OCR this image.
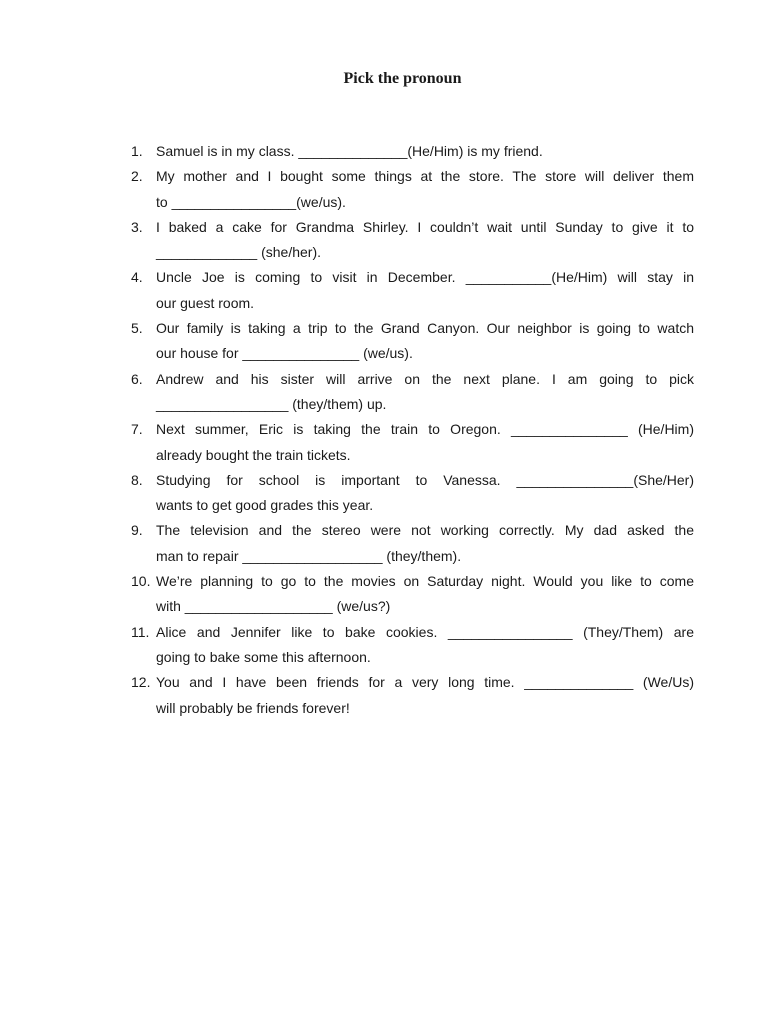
Pick the pronoun
1. Samuel is in my class. ______________(He/Him) is my friend.
2. My mother and I bought some things at the store. The store will deliver them
to ________________(we/us).
3. I baked a cake for Grandma Shirley. I couldn’t wait until Sunday to give it to
_____________ (she/her).
4. Uncle Joe is coming to visit in December. ___________(He/Him) will stay in
our guest room.
5. Our family is taking a trip to the Grand Canyon. Our neighbor is going to watch
our house for _______________ (we/us).
6. Andrew and his sister will arrive on the next plane. I am going to pick
_________________ (they/them) up.
7. Next summer, Eric is taking the train to Oregon. _______________ (He/Him)
already bought the train tickets.
8. Studying for school is important to Vanessa. _______________(She/Her)
wants to get good grades this year.
9. The television and the stereo were not working correctly. My dad asked the
man to repair __________________ (they/them).
10. We’re planning to go to the movies on Saturday night. Would you like to come
with ___________________ (we/us?)
11. Alice and Jennifer like to bake cookies. ________________ (They/Them) are
going to bake some this afternoon.
12. You and I have been friends for a very long time. ______________ (We/Us)
will probably be friends forever!
